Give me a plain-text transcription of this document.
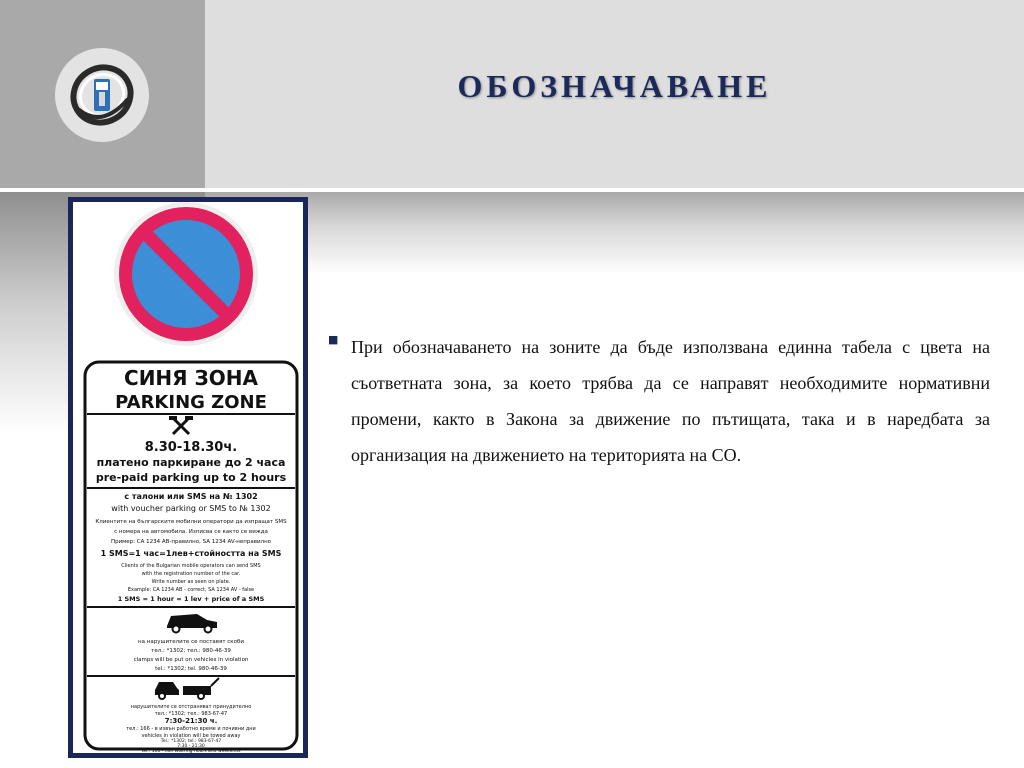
ОБОЗНАЧАВАНЕ
СИНЯ ЗОНА
PARKING ZONE
8.30-18.30ч.
платено паркиране до 2 часа
pre-paid parking up to 2 hours
с талони или SMS на № 1302
with voucher parking or SMS to № 1302
Клиентите на българските мобилни оператори да изпращат SMS
с номера на автомобила. Изписва се както се вижда
Пример: CA 1234 AB-правилно, SA 1234 AV-неправилно
1 SMS=1 час=1лев+стойността на SMS
Clients of the Bulgarian mobile operators can send SMS
with the registration number of the car.
Write number as seen on plate.
Example: CA 1234 AB - correct, SA 1234 AV - false
1 SMS = 1 hour = 1 lev + price of a SMS
на нарушителите се поставят скоби
тел.: *1302; тел.: 980-46-39
clamps will be put on vehicles in violation
tel.: *1302; tel. 980-46-39
нарушителите се отстраняват принудително
тел.: *1302; тел.: 983-67-47
7:30-21:30 ч.
тел.: 166 - в извън работно време и почивни дни
vehicles in violation will be towed away
Tel.: *1302; tel.: 983-67-47
7:30 - 21:30
tel.: 166 - non wokring hours and weekends
■ При обозначаването на зоните да бъде използвана единна табела с цвета на съответната зона, за което трябва да се направят необходимите нормативни промени, както в Закона за движение по пътищата, така и в наредбата за организация на движението на територията на СО.
